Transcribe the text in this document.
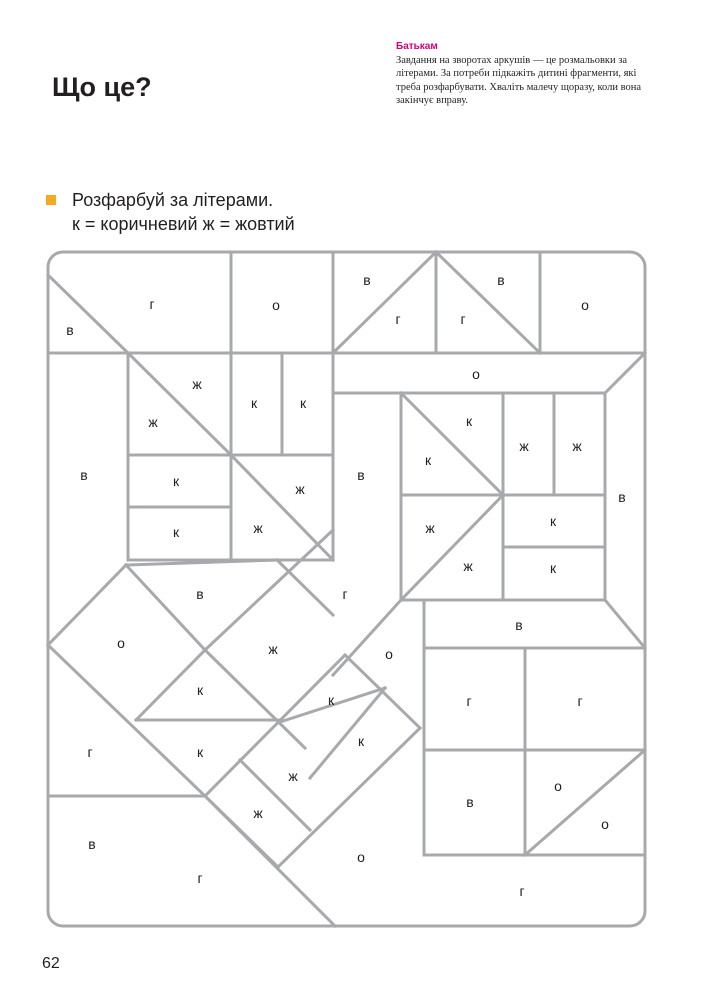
Що це?
Батькам
Завдання на зворотах аркушів — це розмальовки за літерами. За потреби підкажіть дитині фрагменти, які треба розфарбувати. Хваліть малечу щоразу, коли вона закінчує вправу.
Розфарбуй за літерами.
к = коричневий ж = жовтий
в
г	о
в
г
в
г
о
о
ж
ж
к	к
в
к
к
ж	ж
в
к
к
ж
ж
в
ж	к
ж	к
в	г
о	ж	о
в
к
к
к
г
г	г
к
ж
в
о
ж
о
в
о
г
г
62
